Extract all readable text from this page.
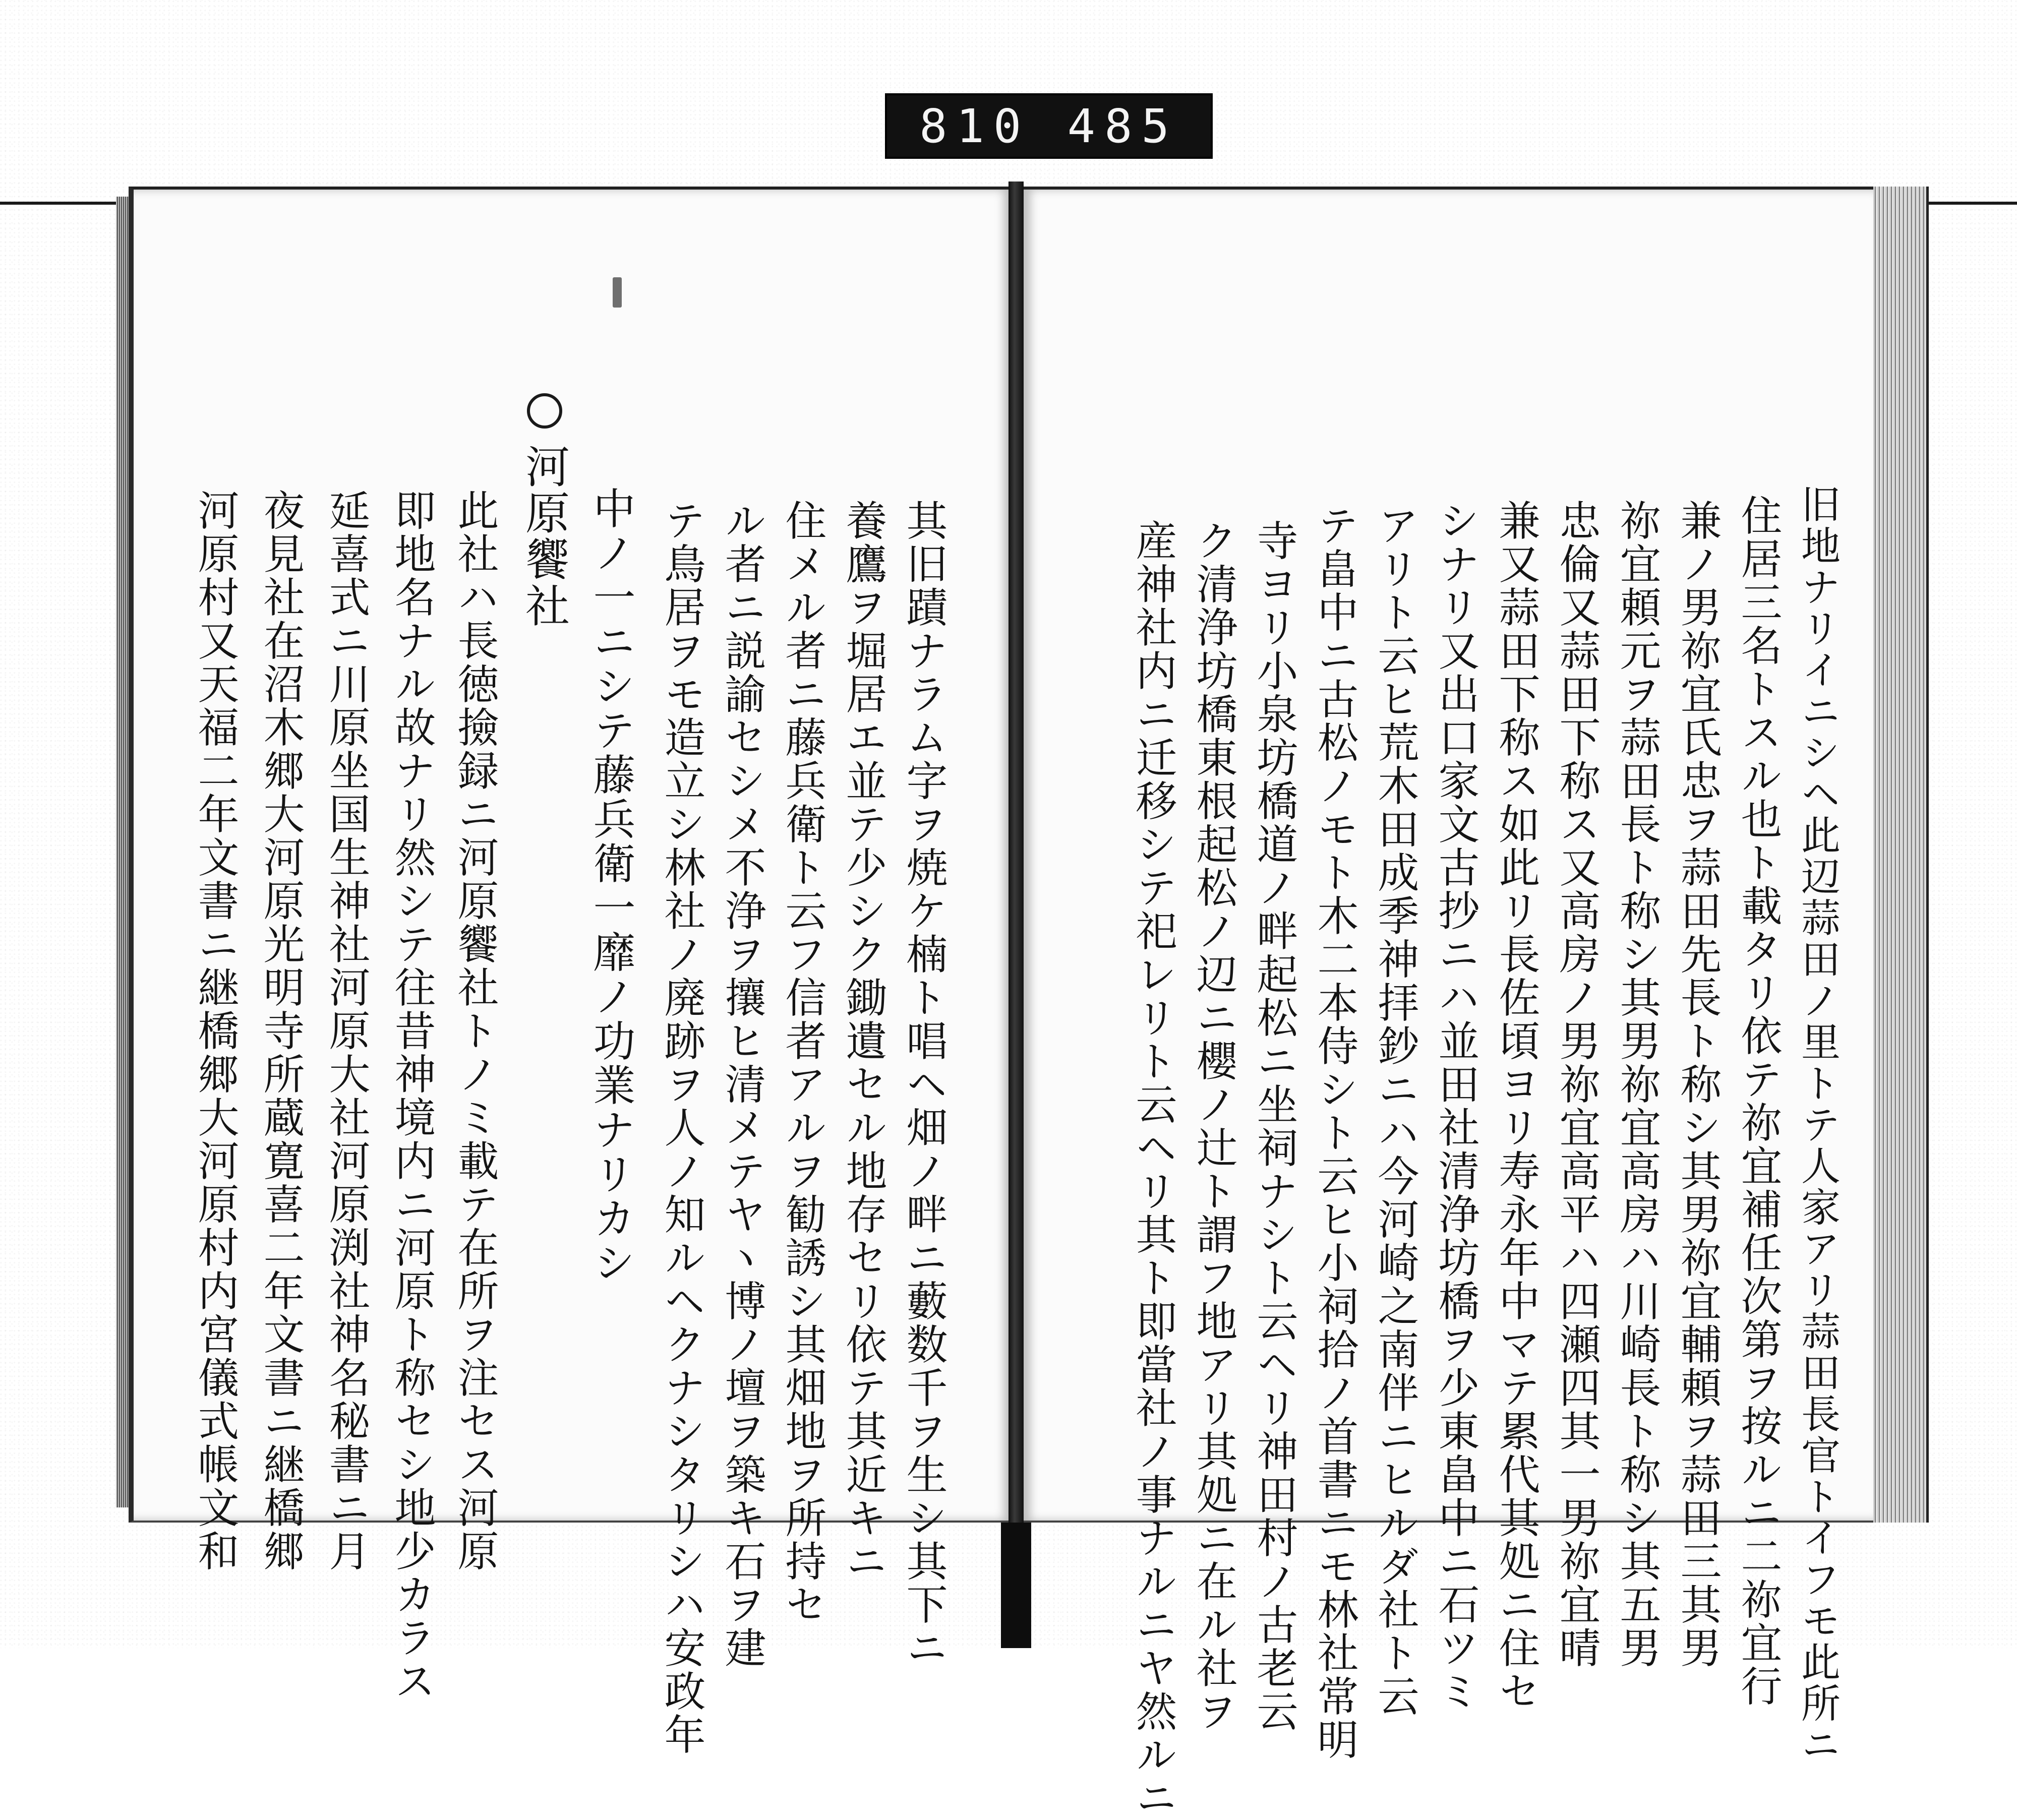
810 485
其旧蹟ナラム字ヲ焼ケ楠ト唱ヘ畑ノ畔ニ藪数千ヲ生シ其下ニ
養鷹ヲ堀居エ並テ少シク鋤遺セル地存セリ依テ其近キニ
住メル者ニ藤兵衛ト云フ信者アルヲ勧誘シ其畑地ヲ所持セ
ル者ニ説諭セシメ不浄ヲ攘ヒ清メテヤヽ博ノ壇ヲ築キ石ヲ建
テ鳥居ヲモ造立シ林社ノ廃跡ヲ人ノ知ルヘクナシタリシハ安政年
中ノ一ニシテ藤兵衛一靡ノ功業ナリカシ
河原饗社
此社ハ長徳撿録ニ河原饗社トノミ載テ在所ヲ注セス河原
即地名ナル故ナリ然シテ往昔神境内ニ河原ト称セシ地少カラス
延喜式ニ川原坐国生神社河原大社河原渕社神名秘書ニ月
夜見社在沼木郷大河原光明寺所蔵寛喜二年文書ニ継橋郷
河原村又天福二年文書ニ継橋郷大河原村内宮儀式帳文和	旧地ナリイニシヘ此辺蒜田ノ里トテ人家アリ蒜田長官トイフモ此所ニ
住居三名トスル也ト載タリ依テ祢宜補任次第ヲ按ルニ二祢宜行
兼ノ男祢宜氏忠ヲ蒜田先長ト称シ其男祢宜輔頼ヲ蒜田三其男
祢宜頼元ヲ蒜田長ト称シ其男祢宜高房ハ川崎長ト称シ其五男
忠倫又蒜田下称ス又高房ノ男祢宜高平ハ四瀬四其一男祢宜晴
兼又蒜田下称ス如此リ長佐頃ヨリ寿永年中マテ累代其処ニ住セ
シナリ又出口家文古抄ニハ並田社清浄坊橋ヲ少東畠中ニ石ツミ
アリト云ヒ荒木田成季神拝鈔ニハ今河崎之南伴ニヒルダ社ト云
テ畠中ニ古松ノモト木二本侍シト云ヒ小祠拾ノ首書ニモ林社常明
寺ヨリ小泉坊橋道ノ畔起松ニ坐祠ナシト云ヘリ神田村ノ古老云
ク清浄坊橋東根起松ノ辺ニ櫻ノ辻ト謂フ地アリ其処ニ在ル社ヲ
産神社内ニ迁移シテ祀レリト云ヘリ其ト即當社ノ事ナルニヤ然ルニ
